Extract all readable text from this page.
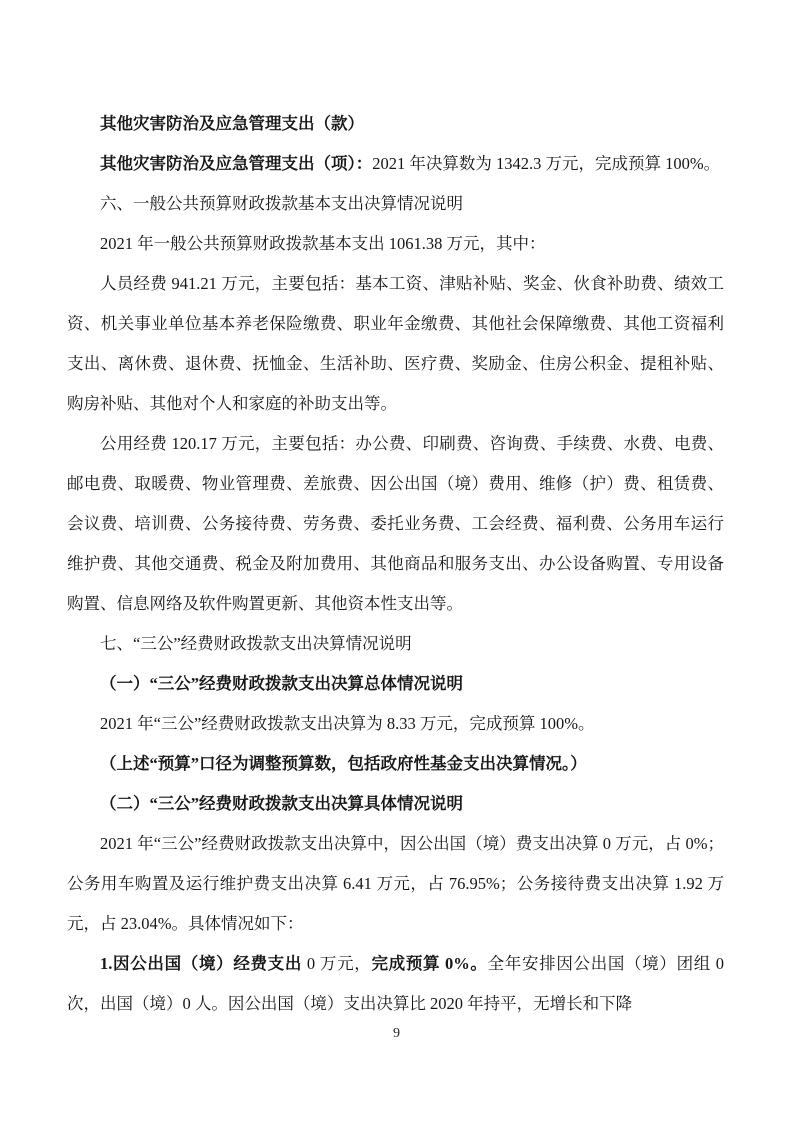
其他灾害防治及应急管理支出（款）

其他灾害防治及应急管理支出（项）：2021 年决算数为 1342.3 万元，完成预算 100%。

六、一般公共预算财政拨款基本支出决算情况说明

2021 年一般公共预算财政拨款基本支出 1061.38 万元，其中：

人员经费 941.21 万元，主要包括：基本工资、津贴补贴、奖金、伙食补助费、绩效工资、机关事业单位基本养老保险缴费、职业年金缴费、其他社会保障缴费、其他工资福利支出、离休费、退休费、抚恤金、生活补助、医疗费、奖励金、住房公积金、提租补贴、购房补贴、其他对个人和家庭的补助支出等。

公用经费 120.17 万元，主要包括：办公费、印刷费、咨询费、手续费、水费、电费、邮电费、取暖费、物业管理费、差旅费、因公出国（境）费用、维修（护）费、租赁费、会议费、培训费、公务接待费、劳务费、委托业务费、工会经费、福利费、公务用车运行维护费、其他交通费、税金及附加费用、其他商品和服务支出、办公设备购置、专用设备购置、信息网络及软件购置更新、其他资本性支出等。

七、“三公”经费财政拨款支出决算情况说明

（一）“三公”经费财政拨款支出决算总体情况说明

2021 年“三公”经费财政拨款支出决算为 8.33 万元，完成预算 100%。

（上述“预算”口径为调整预算数，包括政府性基金支出决算情况。）

（二）“三公”经费财政拨款支出决算具体情况说明

2021 年“三公”经费财政拨款支出决算中，因公出国（境）费支出决算 0 万元，占 0%；公务用车购置及运行维护费支出决算 6.41 万元，占 76.95%；公务接待费支出决算 1.92 万元，占 23.04%。具体情况如下：

1.因公出国（境）经费支出 0 万元，完成预算 0%。全年安排因公出国（境）团组 0 次，出国（境）0 人。因公出国（境）支出决算比 2020 年持平，无增长和下降

9
